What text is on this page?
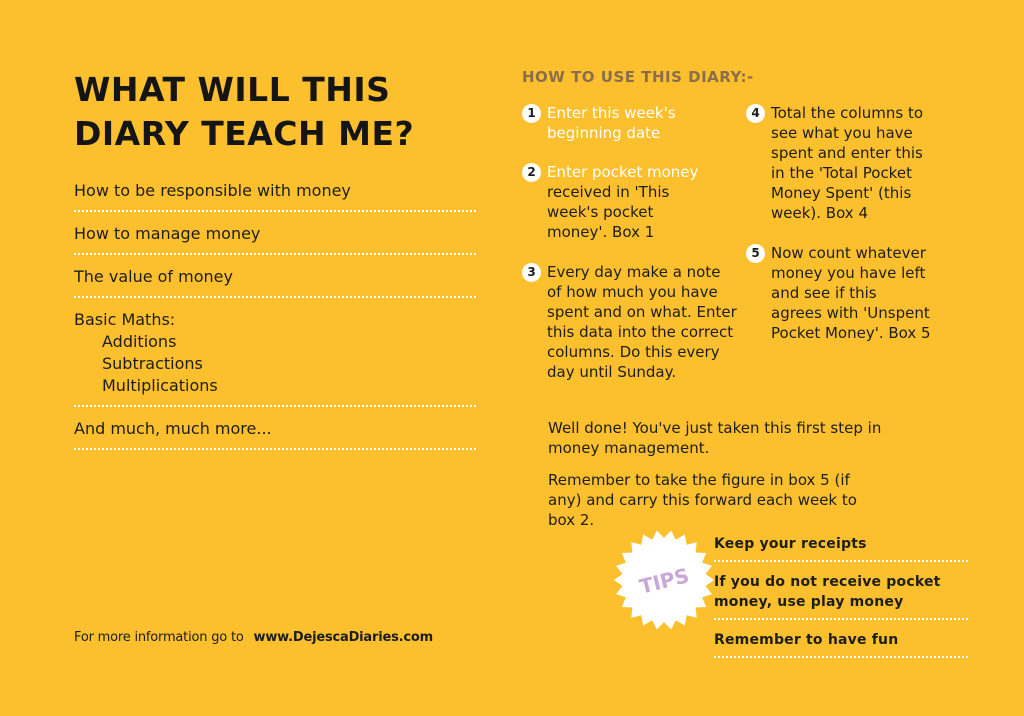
WHAT WILL THIS
DIARY TEACH ME?
How to be responsible with money
How to manage money
The value of money
Basic Maths:
Additions
Subtractions
Multiplications
And much, much more...
For more information go to www.DejescaDiaries.com
HOW TO USE THIS DIARY:-
1 Enter this week's
beginning date
2 Enter pocket money
received in 'This
week's pocket
money'. Box 1
3 Every day make a note
of how much you have
spent and on what. Enter
this data into the correct
columns. Do this every
day until Sunday.
4 Total the columns to
see what you have
spent and enter this
in the 'Total Pocket
Money Spent' (this
week). Box 4
5 Now count whatever
money you have left
and see if this
agrees with 'Unspent
Pocket Money'. Box 5

Well done! You've just taken this first step in
money management.

Remember to take the figure in box 5 (if
any) and carry this forward each week to
box 2.

TIPS
Keep your receipts
If you do not receive pocket
money, use play money
Remember to have fun
